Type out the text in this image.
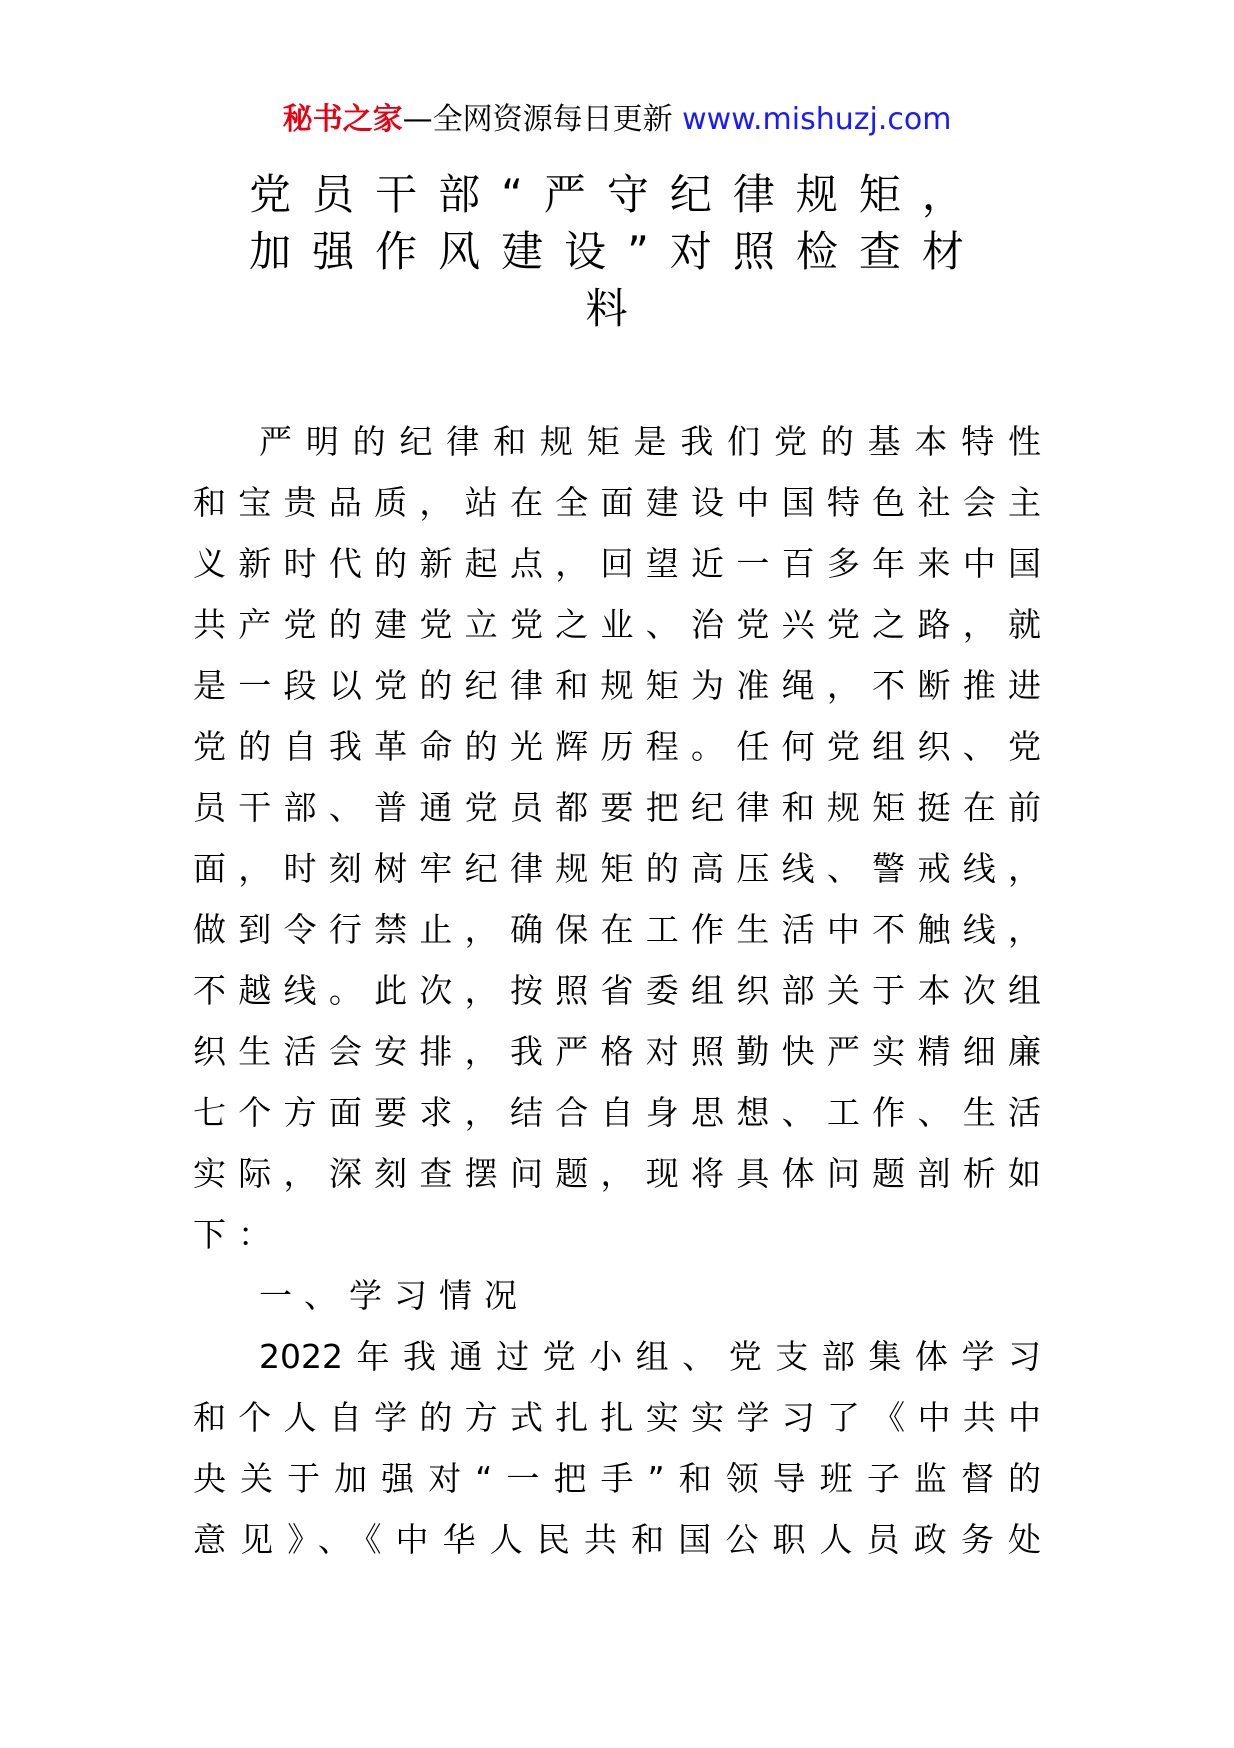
秘书之家—全网资源每日更新 www.mishuzj.com
党员干部“严守纪律规矩，
加强作风建设”对照检查材
料
严明的纪律和规矩是我们党的基本特性
和宝贵品质，站在全面建设中国特色社会主
义新时代的新起点，回望近一百多年来中国
共产党的建党立党之业、治党兴党之路，就
是一段以党的纪律和规矩为准绳，不断推进
党的自我革命的光辉历程。任何党组织、党
员干部、普通党员都要把纪律和规矩挺在前
面，时刻树牢纪律规矩的高压线、警戒线，
做到令行禁止，确保在工作生活中不触线，
不越线。此次，按照省委组织部关于本次组
织生活会安排，我严格对照勤快严实精细廉
七个方面要求，结合自身思想、工作、生活
实际，深刻查摆问题，现将具体问题剖析如
下：
一、学习情况
2022年我通过党小组、党支部集体学习
和个人自学的方式扎扎实实学习了《中共中
央关于加强对“一把手”和领导班子监督的
意见》、《中华人民共和国公职人员政务处
